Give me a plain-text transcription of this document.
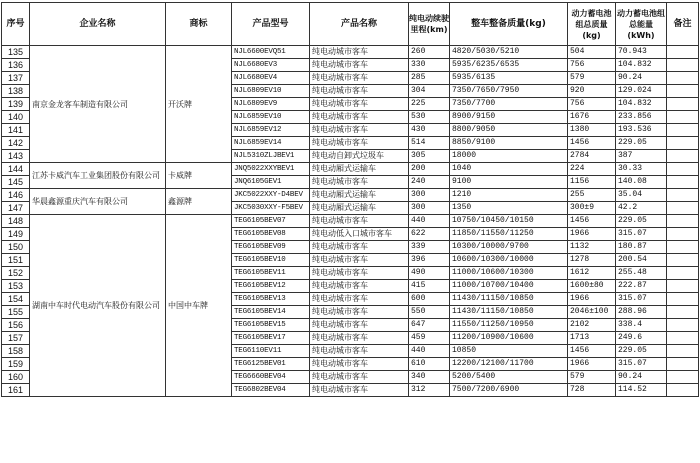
序号	企业名称	商标	产品型号	产品名称	纯电动续驶里程(km)	整车整备质量(kg)	动力蓄电池组总质量(kg)	动力蓄电池组总能量(kWh)	备注
135	南京金龙客车制造有限公司	开沃牌	NJL6600EVQ51	纯电动城市客车	260	4820/5030/5210	504	70.943	
136			NJL6680EV3	纯电动城市客车	330	5935/6235/6535	756	104.832	
137			NJL6680EV4	纯电动城市客车	285	5935/6135	579	90.24	
138			NJL6809EV10	纯电动城市客车	304	7350/7650/7950	920	129.024	
139			NJL6809EV9	纯电动城市客车	225	7350/7700	756	104.832	
140			NJL6859EV10	纯电动城市客车	530	8900/9150	1676	233.856	
141			NJL6859EV12	纯电动城市客车	430	8800/9050	1380	193.536	
142			NJL6859EV14	纯电动城市客车	514	8850/9100	1456	229.05	
143			NJL5310ZLJBEV1	纯电动自卸式垃圾车	305	18000	2784	387	
144	江苏卡威汽车工业集团股份有限公司	卡威牌	JNQ5022XXYBEV1	纯电动厢式运输车	200	1040	224	30.33	
145			JNQ6105GEV1	纯电动城市客车	240	9100	1156	140.08	
146	华晨鑫源重庆汽车有限公司	鑫源牌	JKC5022XXY-D4BEV	纯电动厢式运输车	300	1210	255	35.04	
147			JKC5030XXY-F5BEV	纯电动厢式运输车	300	1350	300±9	42.2	
148	湖南中车时代电动汽车股份有限公司	中国中车牌	TEG6105BEV07	纯电动城市客车	440	10750/10450/10150	1456	229.05	
149			TEG6105BEV08	纯电动低入口城市客车	622	11850/11550/11250	1966	315.07	
150			TEG6105BEV09	纯电动城市客车	339	10300/10000/9700	1132	180.87	
151			TEG6105BEV10	纯电动城市客车	396	10600/10300/10000	1278	200.54	
152			TEG6105BEV11	纯电动城市客车	490	11000/10600/10300	1612	255.48	
153			TEG6105BEV12	纯电动城市客车	415	11000/10700/10400	1600±80	222.87	
154			TEG6105BEV13	纯电动城市客车	600	11430/11150/10850	1966	315.07	
155			TEG6105BEV14	纯电动城市客车	550	11430/11150/10850	2046±100	288.96	
156			TEG6105BEV15	纯电动城市客车	647	11550/11250/10950	2102	338.4	
157			TEG6105BEV17	纯电动城市客车	459	11200/10900/10600	1713	249.6	
158			TEG6110EV11	纯电动城市客车	440	10850	1456	229.05	
159			TEG6125BEV01	纯电动城市客车	610	12200/12100/11700	1966	315.07	
160			TEG6660BEV04	纯电动城市客车	340	5200/5400	579	90.24	
161			TEG6802BEV04	纯电动城市客车	312	7500/7200/6900	728	114.52	
